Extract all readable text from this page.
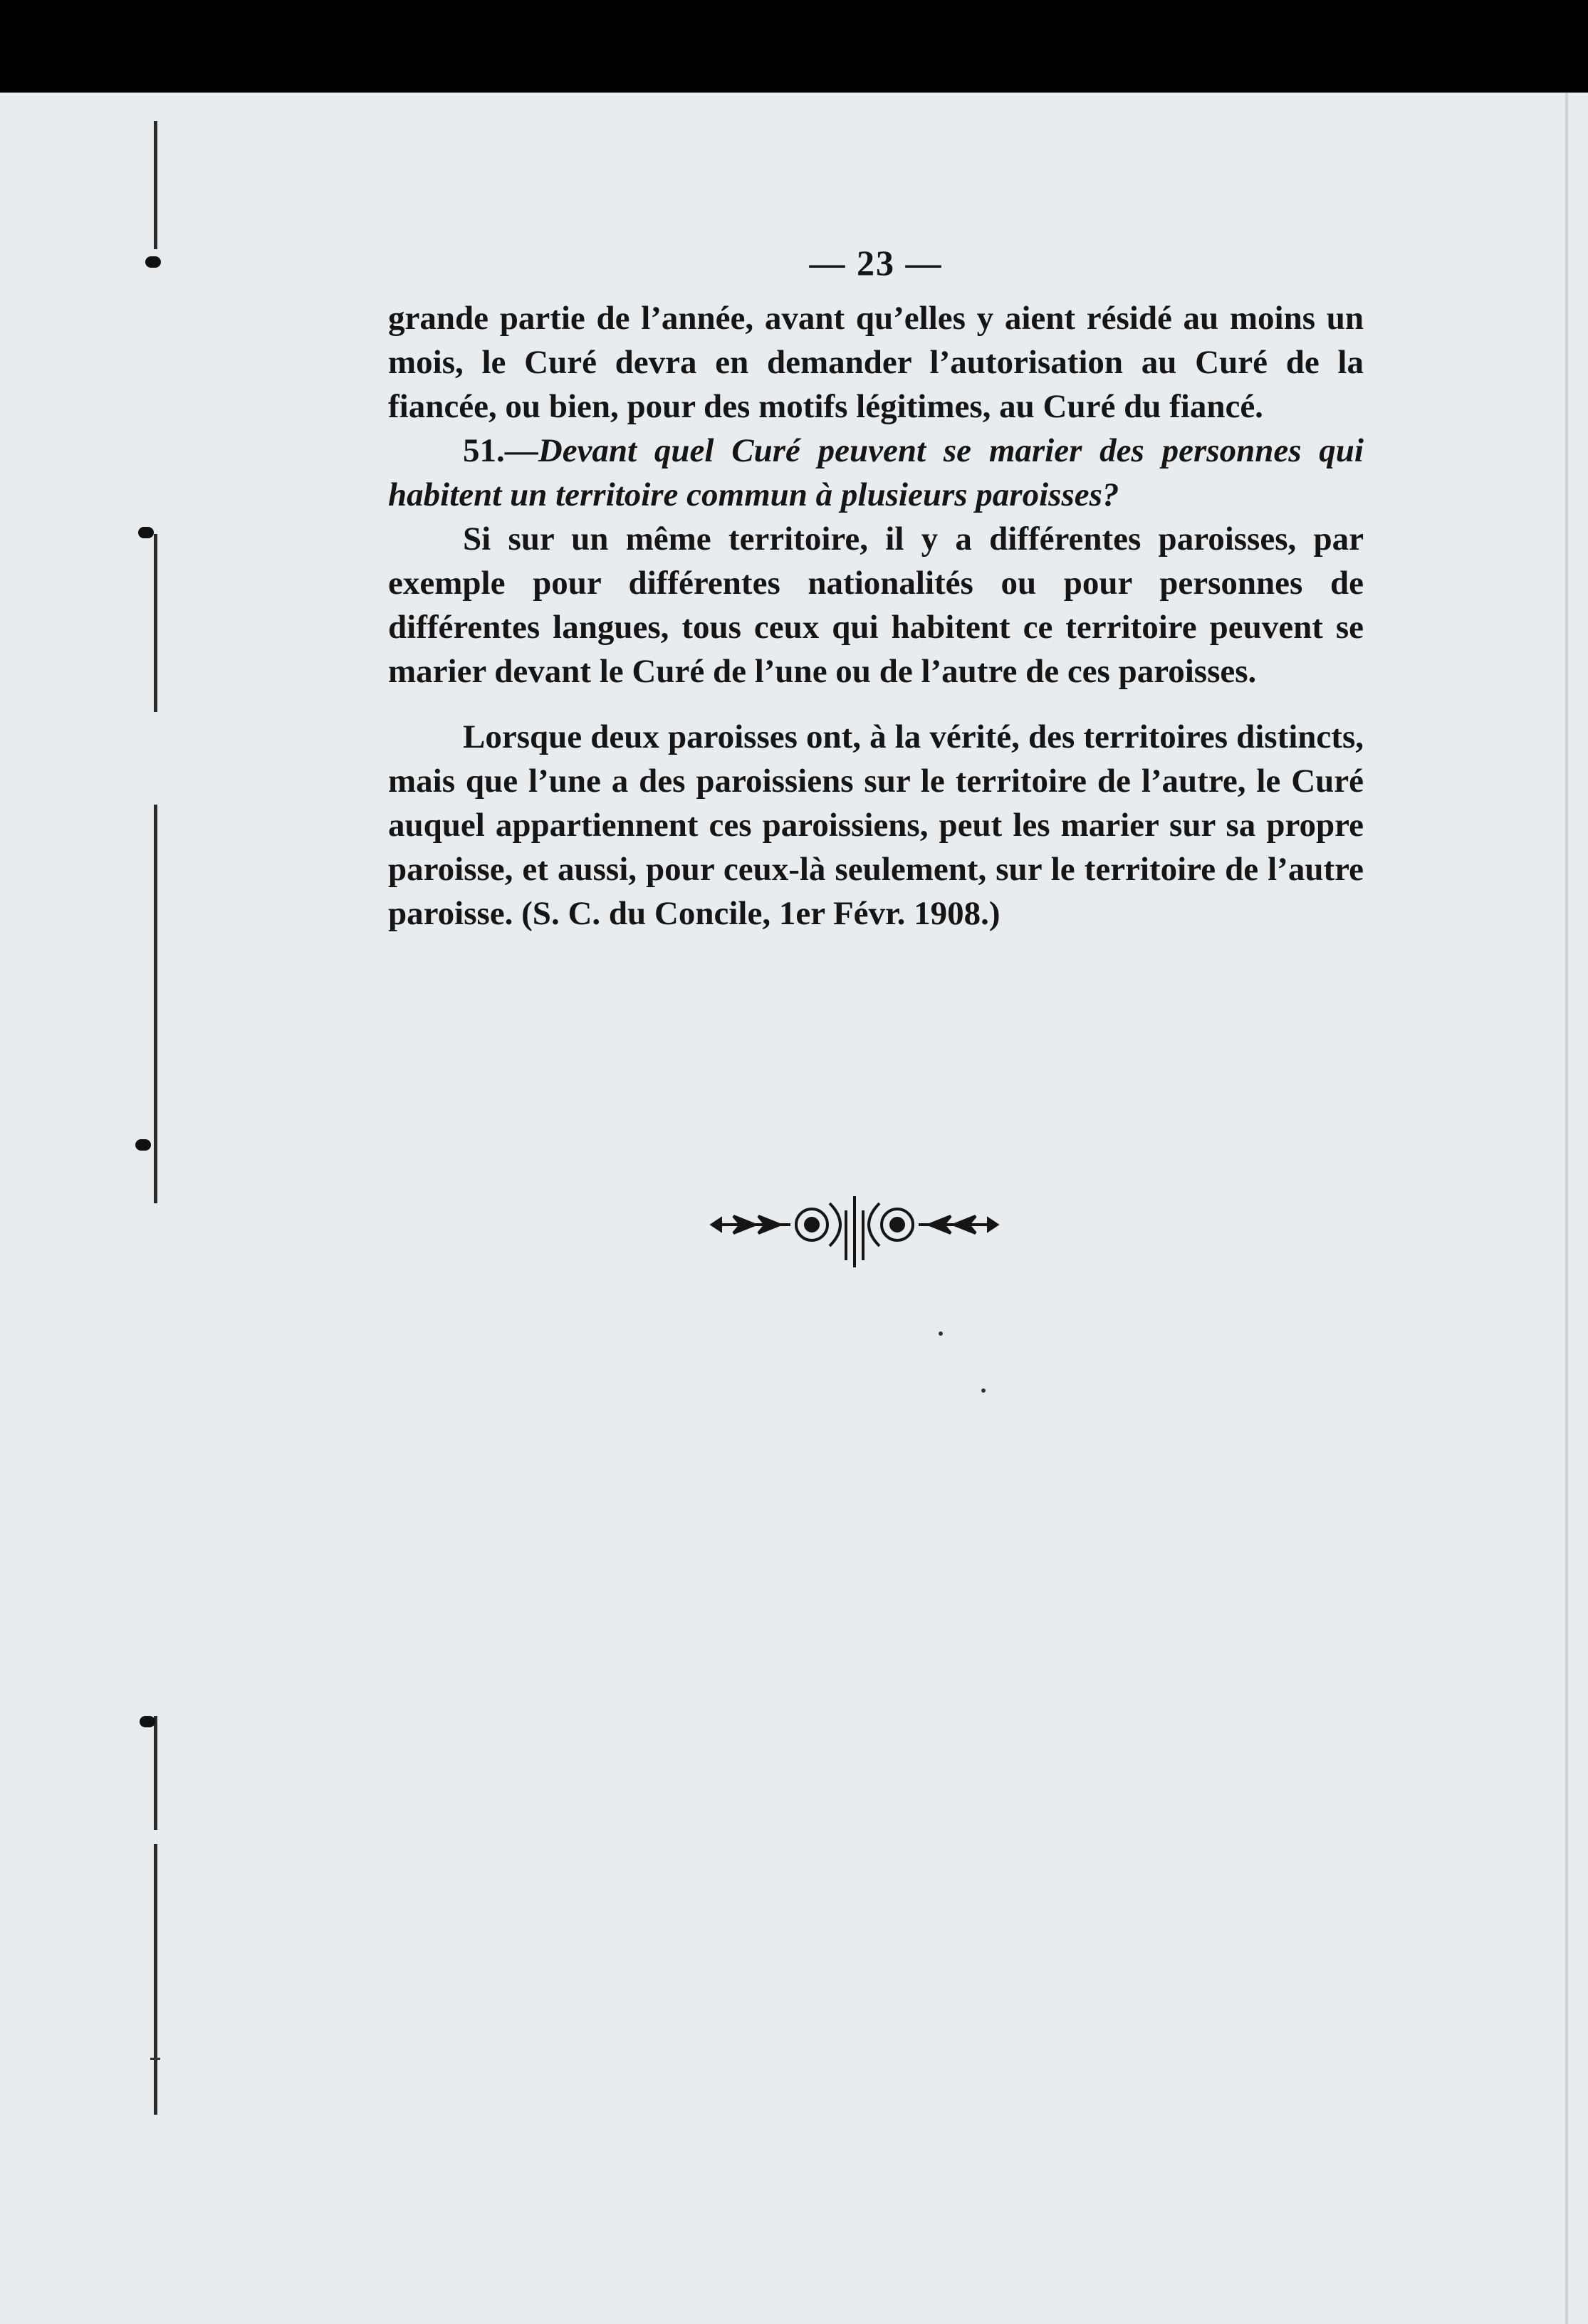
— 23 —

grande partie de l’année, avant qu’elles y aient résidé au moins un mois, le Curé devra en demander l’autorisation au Curé de la fiancée, ou bien, pour des motifs légitimes, au Curé du fiancé.

51.—Devant quel Curé peuvent se marier des personnes qui habitent un territoire commun à plusieurs paroisses?

Si sur un même territoire, il y a différentes paroisses, par exemple pour différentes nationalités ou pour personnes de différentes langues, tous ceux qui habitent ce territoire peuvent se marier devant le Curé de l’une ou de l’autre de ces paroisses.

Lorsque deux paroisses ont, à la vérité, des territoires distincts, mais que l’une a des paroissiens sur le territoire de l’autre, le Curé auquel appartiennent ces paroissiens, peut les marier sur sa propre paroisse, et aussi, pour ceux-là seulement, sur le territoire de l’autre paroisse. (S. C. du Concile, 1er Févr. 1908.)
